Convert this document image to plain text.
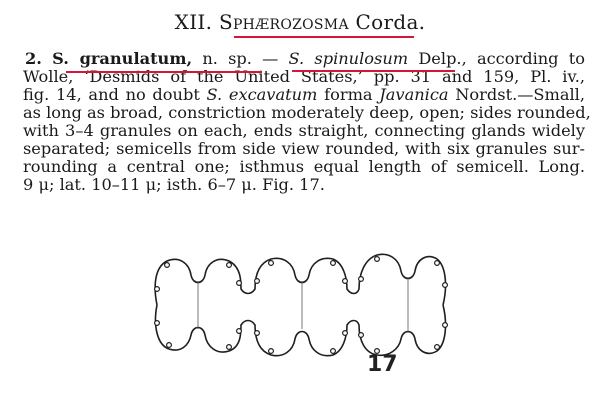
XII. Sphærozosma Corda.
2. S. granulatum, n. sp. — S. spinulosum Delp., according to
Wolle, ‘Desmids of the United States,’ pp. 31 and 159, Pl. iv.,
fig. 14, and no doubt S. excavatum forma Javanica Nordst.—Small,
as long as broad, constriction moderately deep, open; sides rounded,
with 3–4 granules on each, ends straight, connecting glands widely
separated; semicells from side view rounded, with six granules sur-
rounding a central one; isthmus equal length of semicell. Long.
9 μ; lat. 10–11 μ; isth. 6–7 μ. Fig. 17.
17
